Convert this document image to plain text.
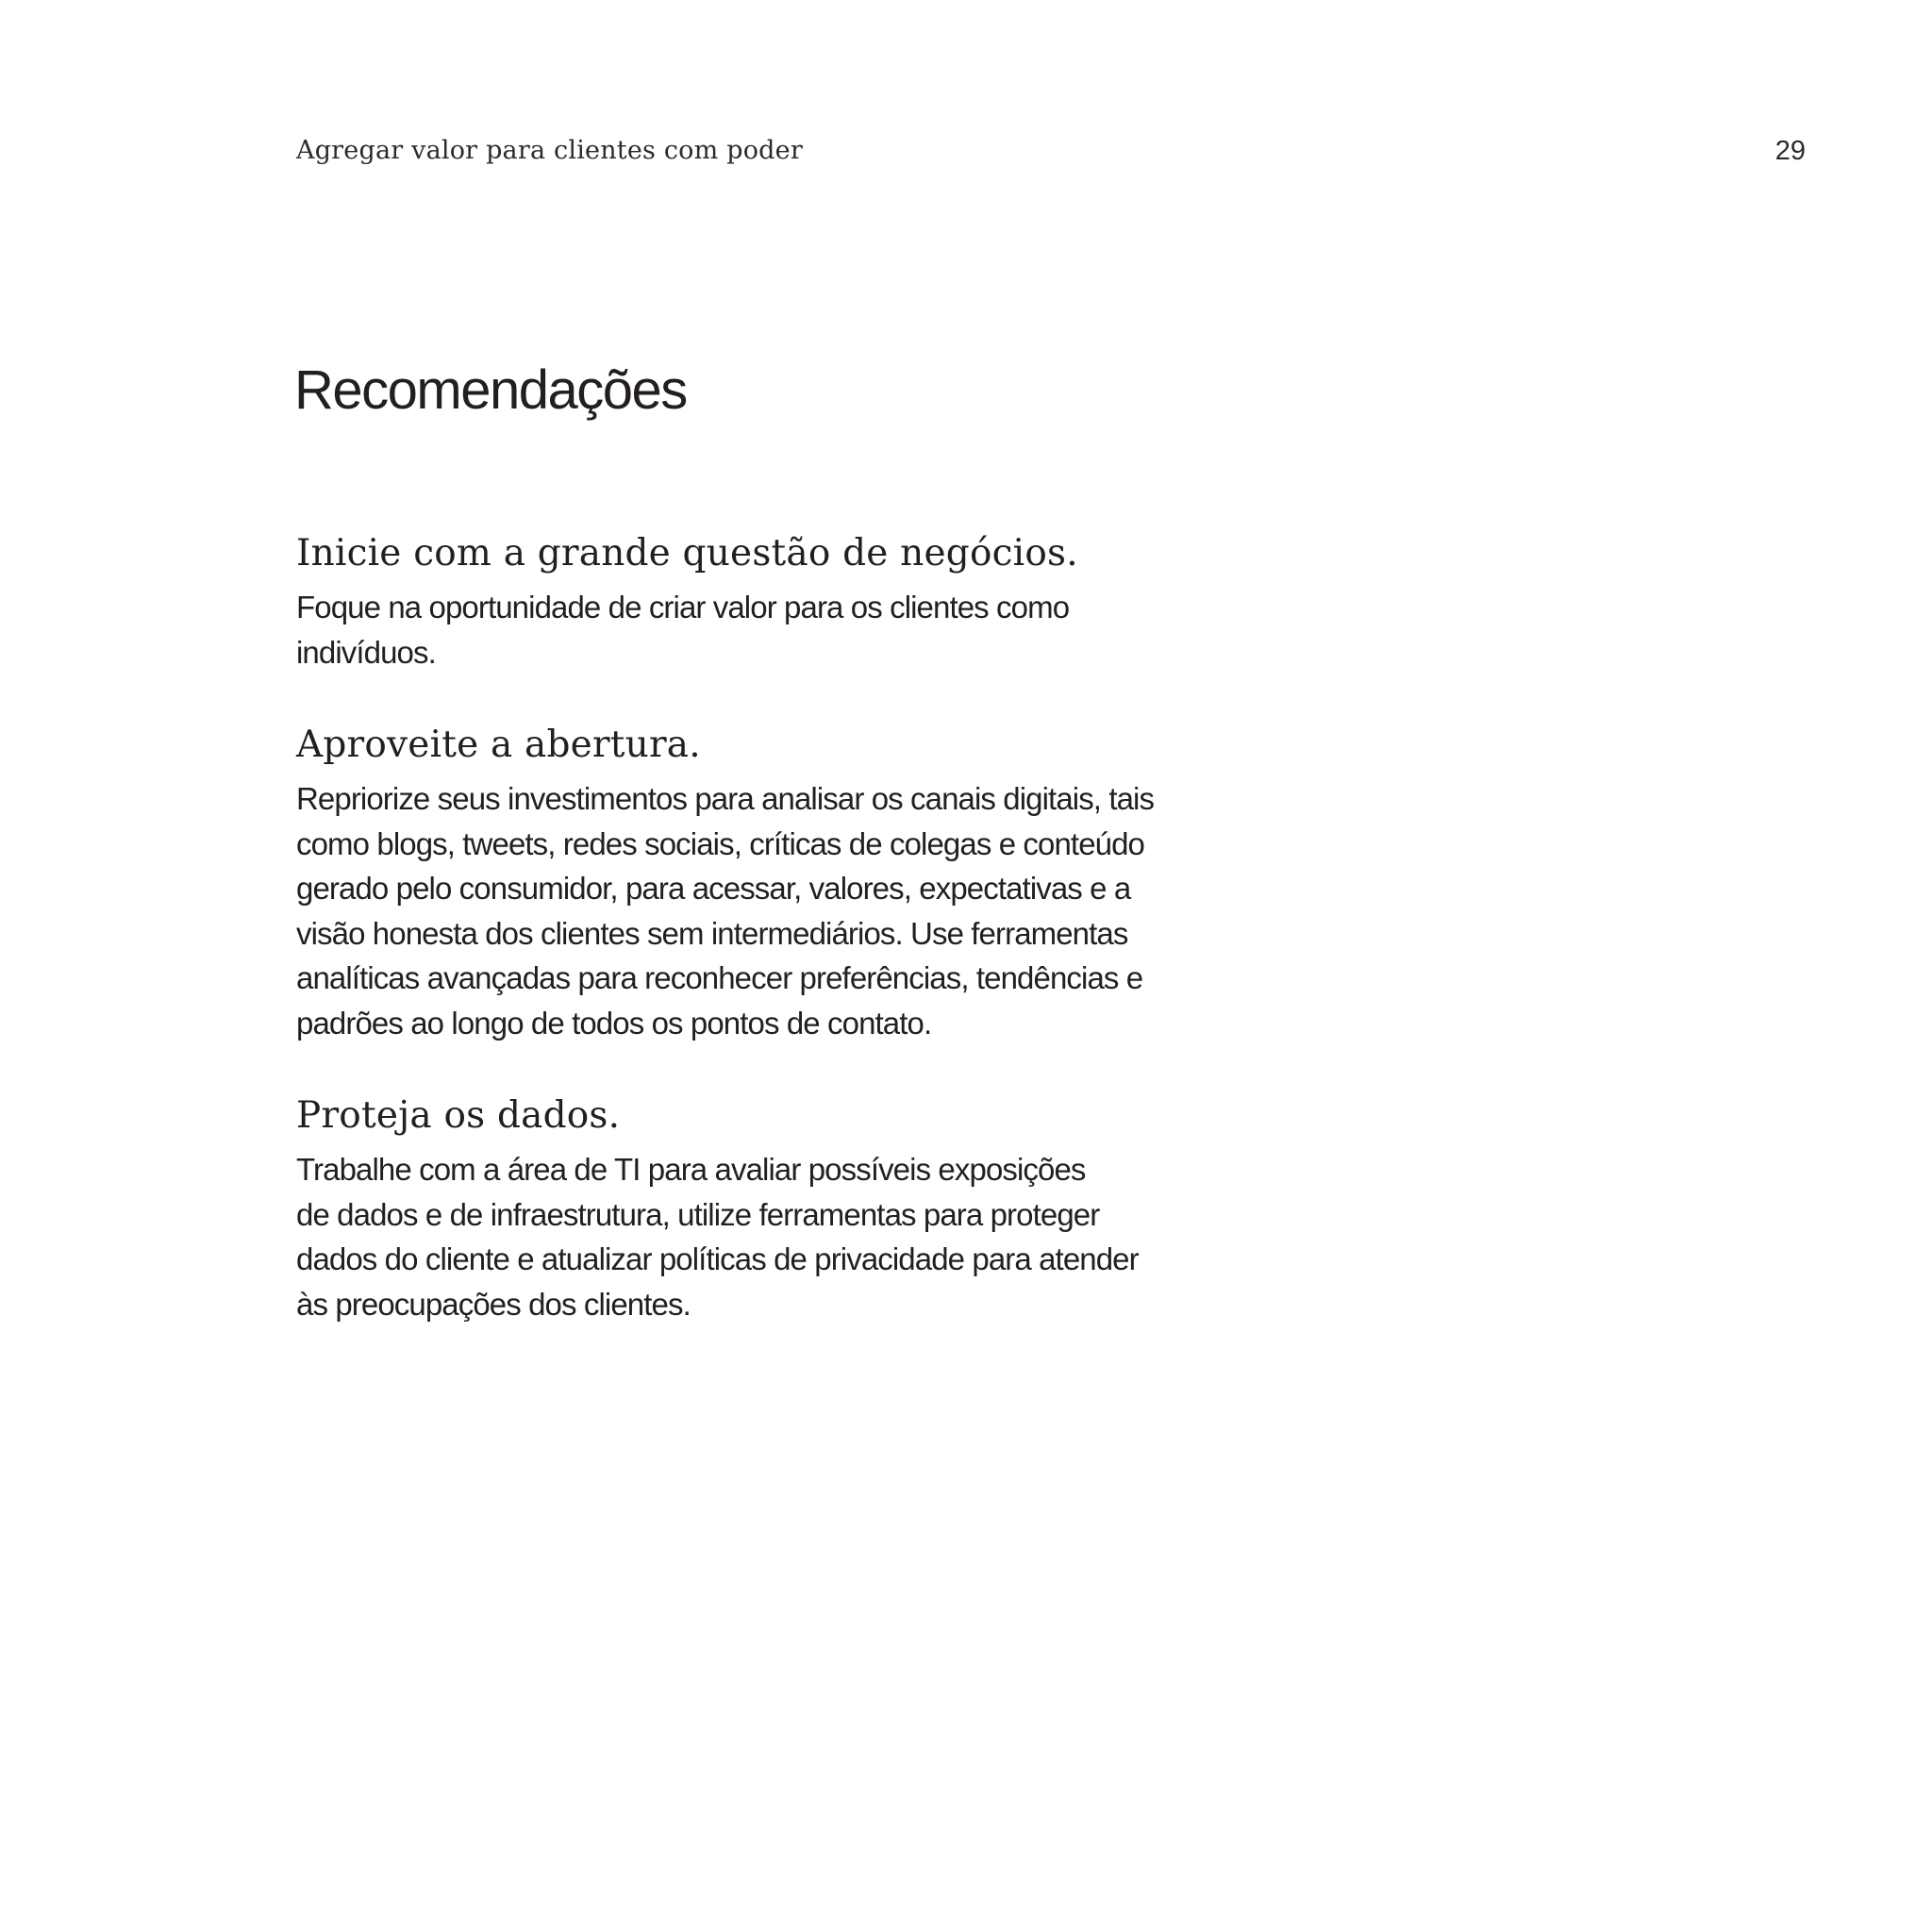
Agregar valor para clientes com poder	29
Recomendações
Inicie com a grande questão de negócios.

Foque na oportunidade de criar valor para os clientes como
indivíduos.

Aproveite a abertura.

Repriorize seus investimentos para analisar os canais digitais, tais
como blogs, tweets, redes sociais, críticas de colegas e conteúdo
gerado pelo consumidor, para acessar, valores, expectativas e a
visão honesta dos clientes sem intermediários. Use ferramentas
analíticas avançadas para reconhecer preferências, tendências e
padrões ao longo de todos os pontos de contato.

Proteja os dados.

Trabalhe com a área de TI para avaliar possíveis exposições
de dados e de infraestrutura, utilize ferramentas para proteger
dados do cliente e atualizar políticas de privacidade para atender
às preocupações dos clientes.
